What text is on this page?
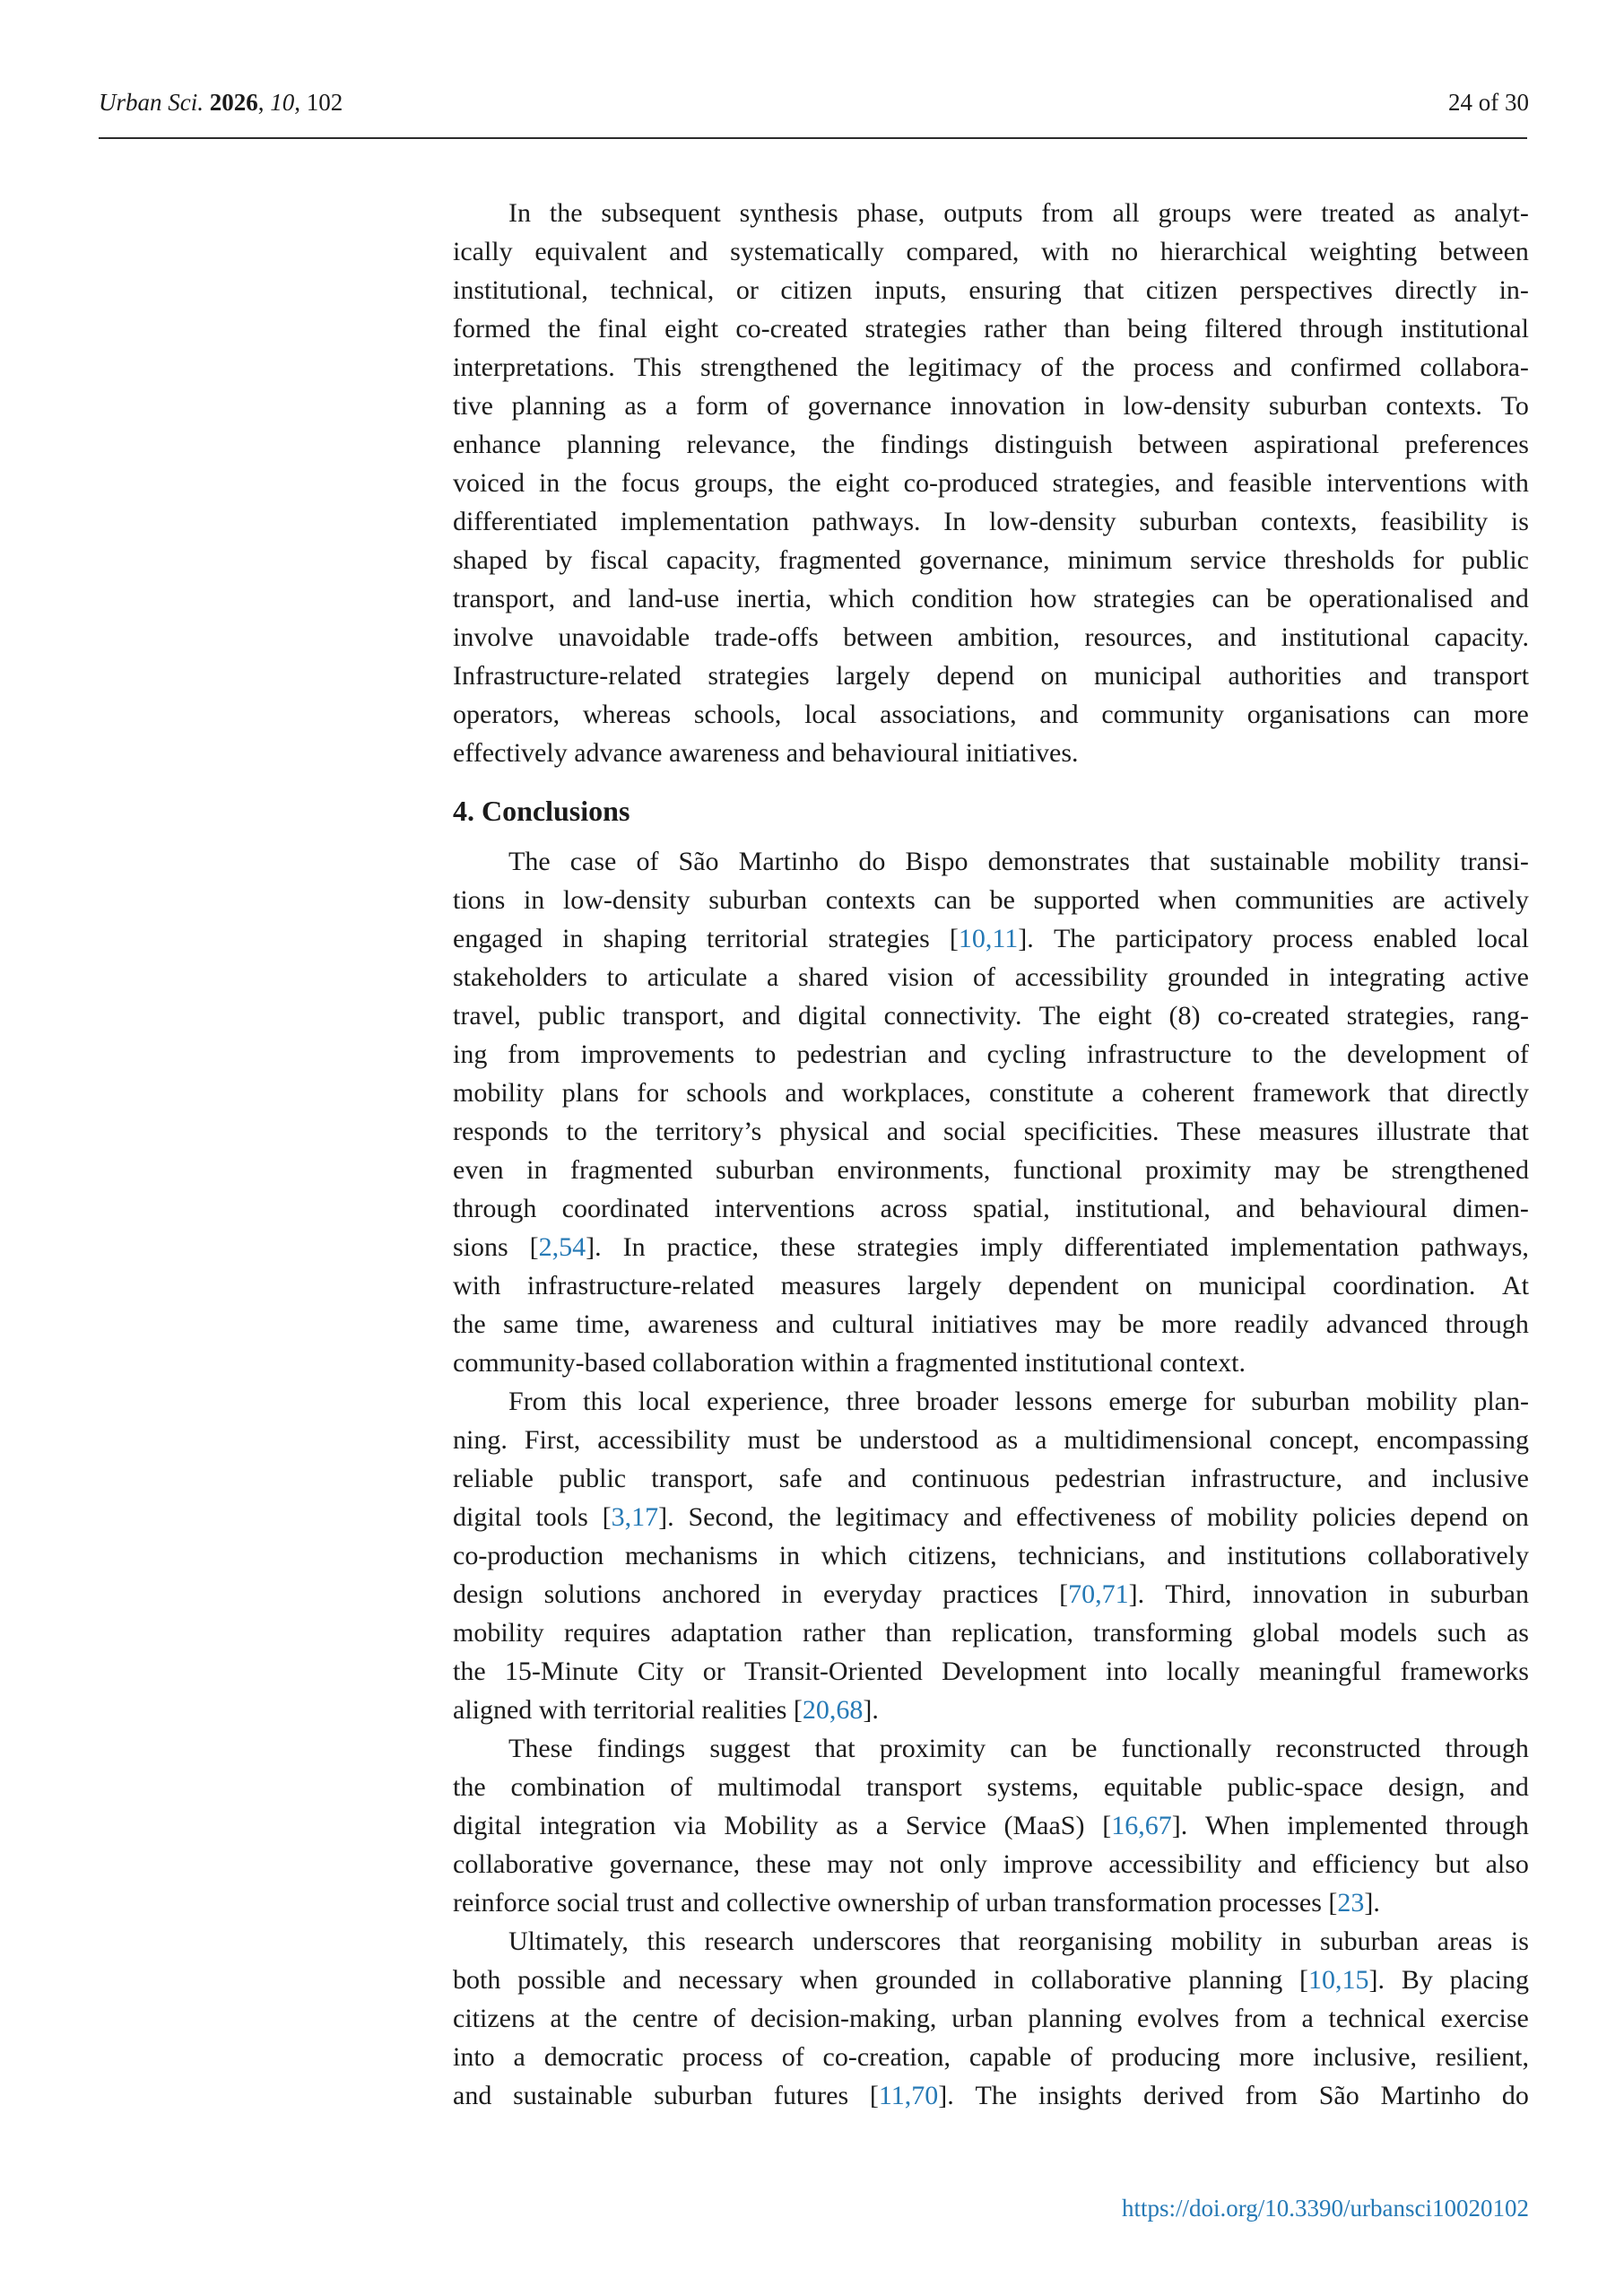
Urban Sci. 2026, 10, 102	24 of 30
In the subsequent synthesis phase, outputs from all groups were treated as analyt-
ically equivalent and systematically compared, with no hierarchical weighting between
institutional, technical, or citizen inputs, ensuring that citizen perspectives directly in-
formed the final eight co-created strategies rather than being filtered through institutional
interpretations. This strengthened the legitimacy of the process and confirmed collabora-
tive planning as a form of governance innovation in low-density suburban contexts. To
enhance planning relevance, the findings distinguish between aspirational preferences
voiced in the focus groups, the eight co-produced strategies, and feasible interventions with
differentiated implementation pathways. In low-density suburban contexts, feasibility is
shaped by fiscal capacity, fragmented governance, minimum service thresholds for public
transport, and land-use inertia, which condition how strategies can be operationalised and
involve unavoidable trade-offs between ambition, resources, and institutional capacity.
Infrastructure-related strategies largely depend on municipal authorities and transport
operators, whereas schools, local associations, and community organisations can more
effectively advance awareness and behavioural initiatives.
4. Conclusions
The case of São Martinho do Bispo demonstrates that sustainable mobility transi-
tions in low-density suburban contexts can be supported when communities are actively
engaged in shaping territorial strategies [10,11]. The participatory process enabled local
stakeholders to articulate a shared vision of accessibility grounded in integrating active
travel, public transport, and digital connectivity. The eight (8) co-created strategies, rang-
ing from improvements to pedestrian and cycling infrastructure to the development of
mobility plans for schools and workplaces, constitute a coherent framework that directly
responds to the territory’s physical and social specificities. These measures illustrate that
even in fragmented suburban environments, functional proximity may be strengthened
through coordinated interventions across spatial, institutional, and behavioural dimen-
sions [2,54]. In practice, these strategies imply differentiated implementation pathways,
with infrastructure-related measures largely dependent on municipal coordination. At
the same time, awareness and cultural initiatives may be more readily advanced through
community-based collaboration within a fragmented institutional context.
From this local experience, three broader lessons emerge for suburban mobility plan-
ning. First, accessibility must be understood as a multidimensional concept, encompassing
reliable public transport, safe and continuous pedestrian infrastructure, and inclusive
digital tools [3,17]. Second, the legitimacy and effectiveness of mobility policies depend on
co-production mechanisms in which citizens, technicians, and institutions collaboratively
design solutions anchored in everyday practices [70,71]. Third, innovation in suburban
mobility requires adaptation rather than replication, transforming global models such as
the 15-Minute City or Transit-Oriented Development into locally meaningful frameworks
aligned with territorial realities [20,68].
These findings suggest that proximity can be functionally reconstructed through
the combination of multimodal transport systems, equitable public-space design, and
digital integration via Mobility as a Service (MaaS) [16,67]. When implemented through
collaborative governance, these may not only improve accessibility and efficiency but also
reinforce social trust and collective ownership of urban transformation processes [23].
Ultimately, this research underscores that reorganising mobility in suburban areas is
both possible and necessary when grounded in collaborative planning [10,15]. By placing
citizens at the centre of decision-making, urban planning evolves from a technical exercise
into a democratic process of co-creation, capable of producing more inclusive, resilient,
and sustainable suburban futures [11,70]. The insights derived from São Martinho do
https://doi.org/10.3390/urbansci10020102
